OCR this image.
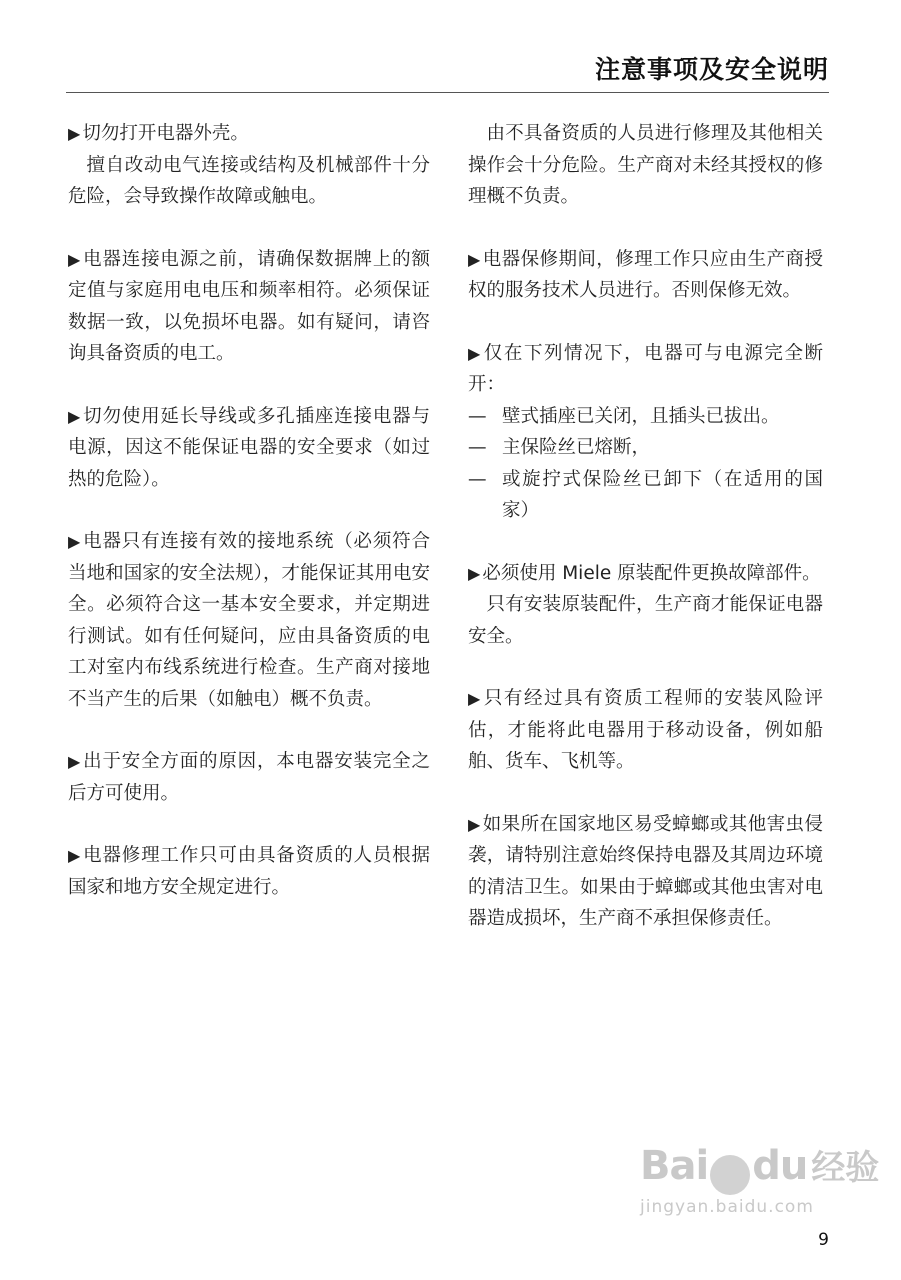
注意事项及安全说明
▶ 切勿打开电器外壳。
擅自改动电气连接或结构及机械部件十分危险，会导致操作故障或触电。
▶ 电器连接电源之前，请确保数据牌上的额定值与家庭用电电压和频率相符。必须保证数据一致，以免损坏电器。如有疑问，请咨询具备资质的电工。
▶ 切勿使用延长导线或多孔插座连接电器与电源，因这不能保证电器的安全要求（如过热的危险）。
▶ 电器只有连接有效的接地系统（必须符合当地和国家的安全法规），才能保证其用电安全。必须符合这一基本安全要求，并定期进行测试。如有任何疑问，应由具备资质的电工对室内布线系统进行检查。生产商对接地不当产生的后果（如触电）概不负责。
▶ 出于安全方面的原因，本电器安装完全之后方可使用。
▶ 电器修理工作只可由具备资质的人员根据国家和地方安全规定进行。
由不具备资质的人员进行修理及其他相关操作会十分危险。生产商对未经其授权的修理概不负责。
▶ 电器保修期间，修理工作只应由生产商授权的服务技术人员进行。否则保修无效。
▶ 仅在下列情况下，电器可与电源完全断开：
— 壁式插座已关闭，且插头已拔出。
— 主保险丝已熔断，
— 或旋拧式保险丝已卸下（在适用的国家）
▶ 必须使用 Miele 原装配件更换故障部件。
只有安装原装配件，生产商才能保证电器安全。
▶ 只有经过具有资质工程师的安装风险评估，才能将此电器用于移动设备，例如船舶、货车、飞机等。
▶ 如果所在国家地区易受蟑螂或其他害虫侵袭，请特别注意始终保持电器及其周边环境的清洁卫生。如果由于蟑螂或其他虫害对电器造成损坏，生产商不承担保修责任。
Bai du 经验
jingyan.baidu.com
9
